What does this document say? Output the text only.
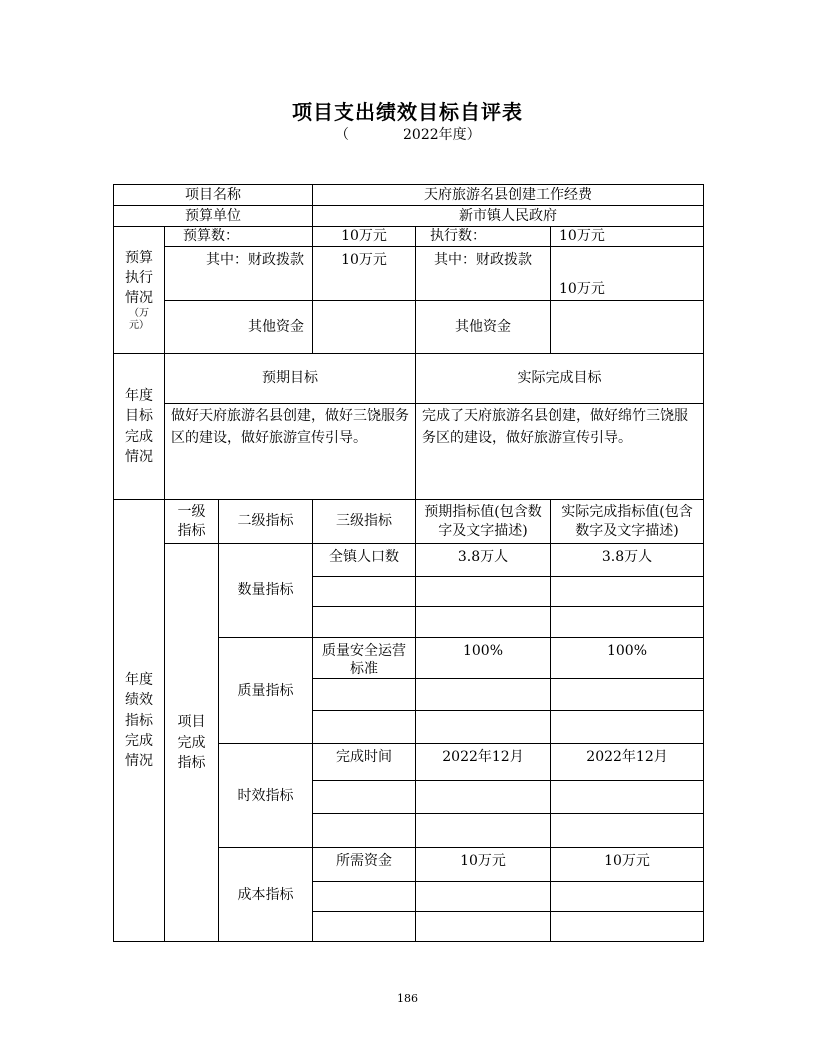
项目支出绩效目标自评表
（	2022年度）
项目名称			天府旅游名县创建工作经费		
预算单位			新市镇人民政府		

预算执行情况
（万元）	预算数：		10万元	执行数：	10万元
	其中：财政拨款		10万元	其中：财政拨款	10万元
	其他资金			其他资金	

年度目标完成情况	预期目标			实际完成目标	
	做好天府旅游名县创建，做好三饶服务区的建设，做好旅游宣传引导。			完成了天府旅游名县创建，做好绵竹三饶服务区的建设，做好旅游宣传引导。	

年度绩效指标完成情况	一级指标	二级指标	三级指标	预期指标值(包含数字及文字描述)	实际完成指标值(包含数字及文字描述)

	项目完成指标	数量指标	全镇人口数	3.8万人	3.8万人

		质量指标	质量安全运营标准	100%	100%

		时效指标	完成时间	2022年12月	2022年12月

		成本指标	所需资金	10万元	10万元

186
